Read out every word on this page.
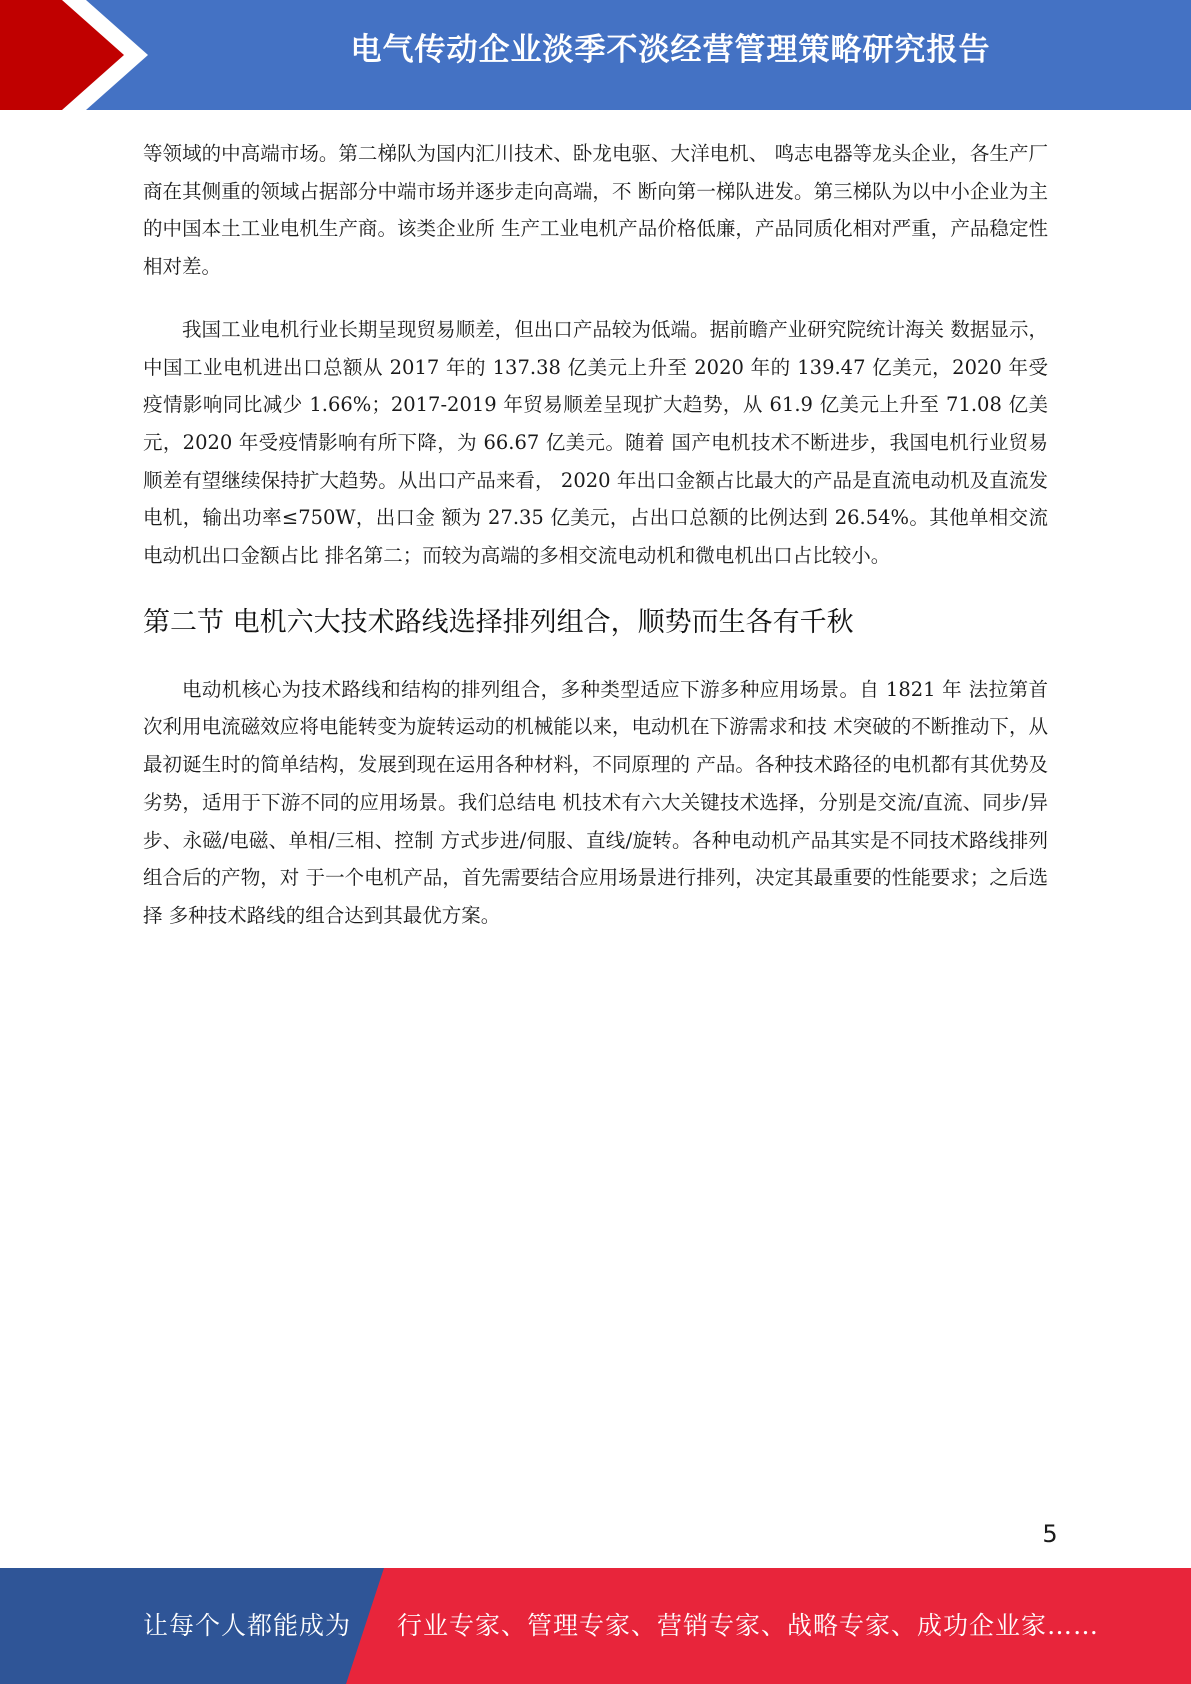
电气传动企业淡季不淡经营管理策略研究报告

等领域的中高端市场。第二梯队为国内汇川技术、卧龙电驱、大洋电机、 鸣志电器等龙头企业，各生产厂商在其侧重的领域占据部分中端市场并逐步走向高端，不 断向第一梯队进发。第三梯队为以中小企业为主的中国本土工业电机生产商。该类企业所 生产工业电机产品价格低廉，产品同质化相对严重，产品稳定性相对差。

我国工业电机行业长期呈现贸易顺差，但出口产品较为低端。据前瞻产业研究院统计海关 数据显示，中国工业电机进出口总额从 2017 年的 137.38 亿美元上升至 2020 年的 139.47 亿美元，2020 年受疫情影响同比减少 1.66%；2017-2019 年贸易顺差呈现扩大趋势，从 61.9 亿美元上升至 71.08 亿美元，2020 年受疫情影响有所下降，为 66.67 亿美元。随着 国产电机技术不断进步，我国电机行业贸易顺差有望继续保持扩大趋势。从出口产品来看， 2020 年出口金额占比最大的产品是直流电动机及直流发电机，输出功率≤750W，出口金 额为 27.35 亿美元，占出口总额的比例达到 26.54%。其他单相交流电动机出口金额占比 排名第二；而较为高端的多相交流电动机和微电机出口占比较小。

第二节 电机六大技术路线选择排列组合，顺势而生各有千秋

电动机核心为技术路线和结构的排列组合，多种类型适应下游多种应用场景。自 1821 年 法拉第首次利用电流磁效应将电能转变为旋转运动的机械能以来，电动机在下游需求和技 术突破的不断推动下，从最初诞生时的简单结构，发展到现在运用各种材料，不同原理的 产品。各种技术路径的电机都有其优势及劣势，适用于下游不同的应用场景。我们总结电 机技术有六大关键技术选择，分别是交流/直流、同步/异步、永磁/电磁、单相/三相、控制 方式步进/伺服、直线/旋转。各种电动机产品其实是不同技术路线排列组合后的产物，对 于一个电机产品，首先需要结合应用场景进行排列，决定其最重要的性能要求；之后选择 多种技术路线的组合达到其最优方案。

5
让每个人都能成为 行业专家、管理专家、营销专家、战略专家、成功企业家……
